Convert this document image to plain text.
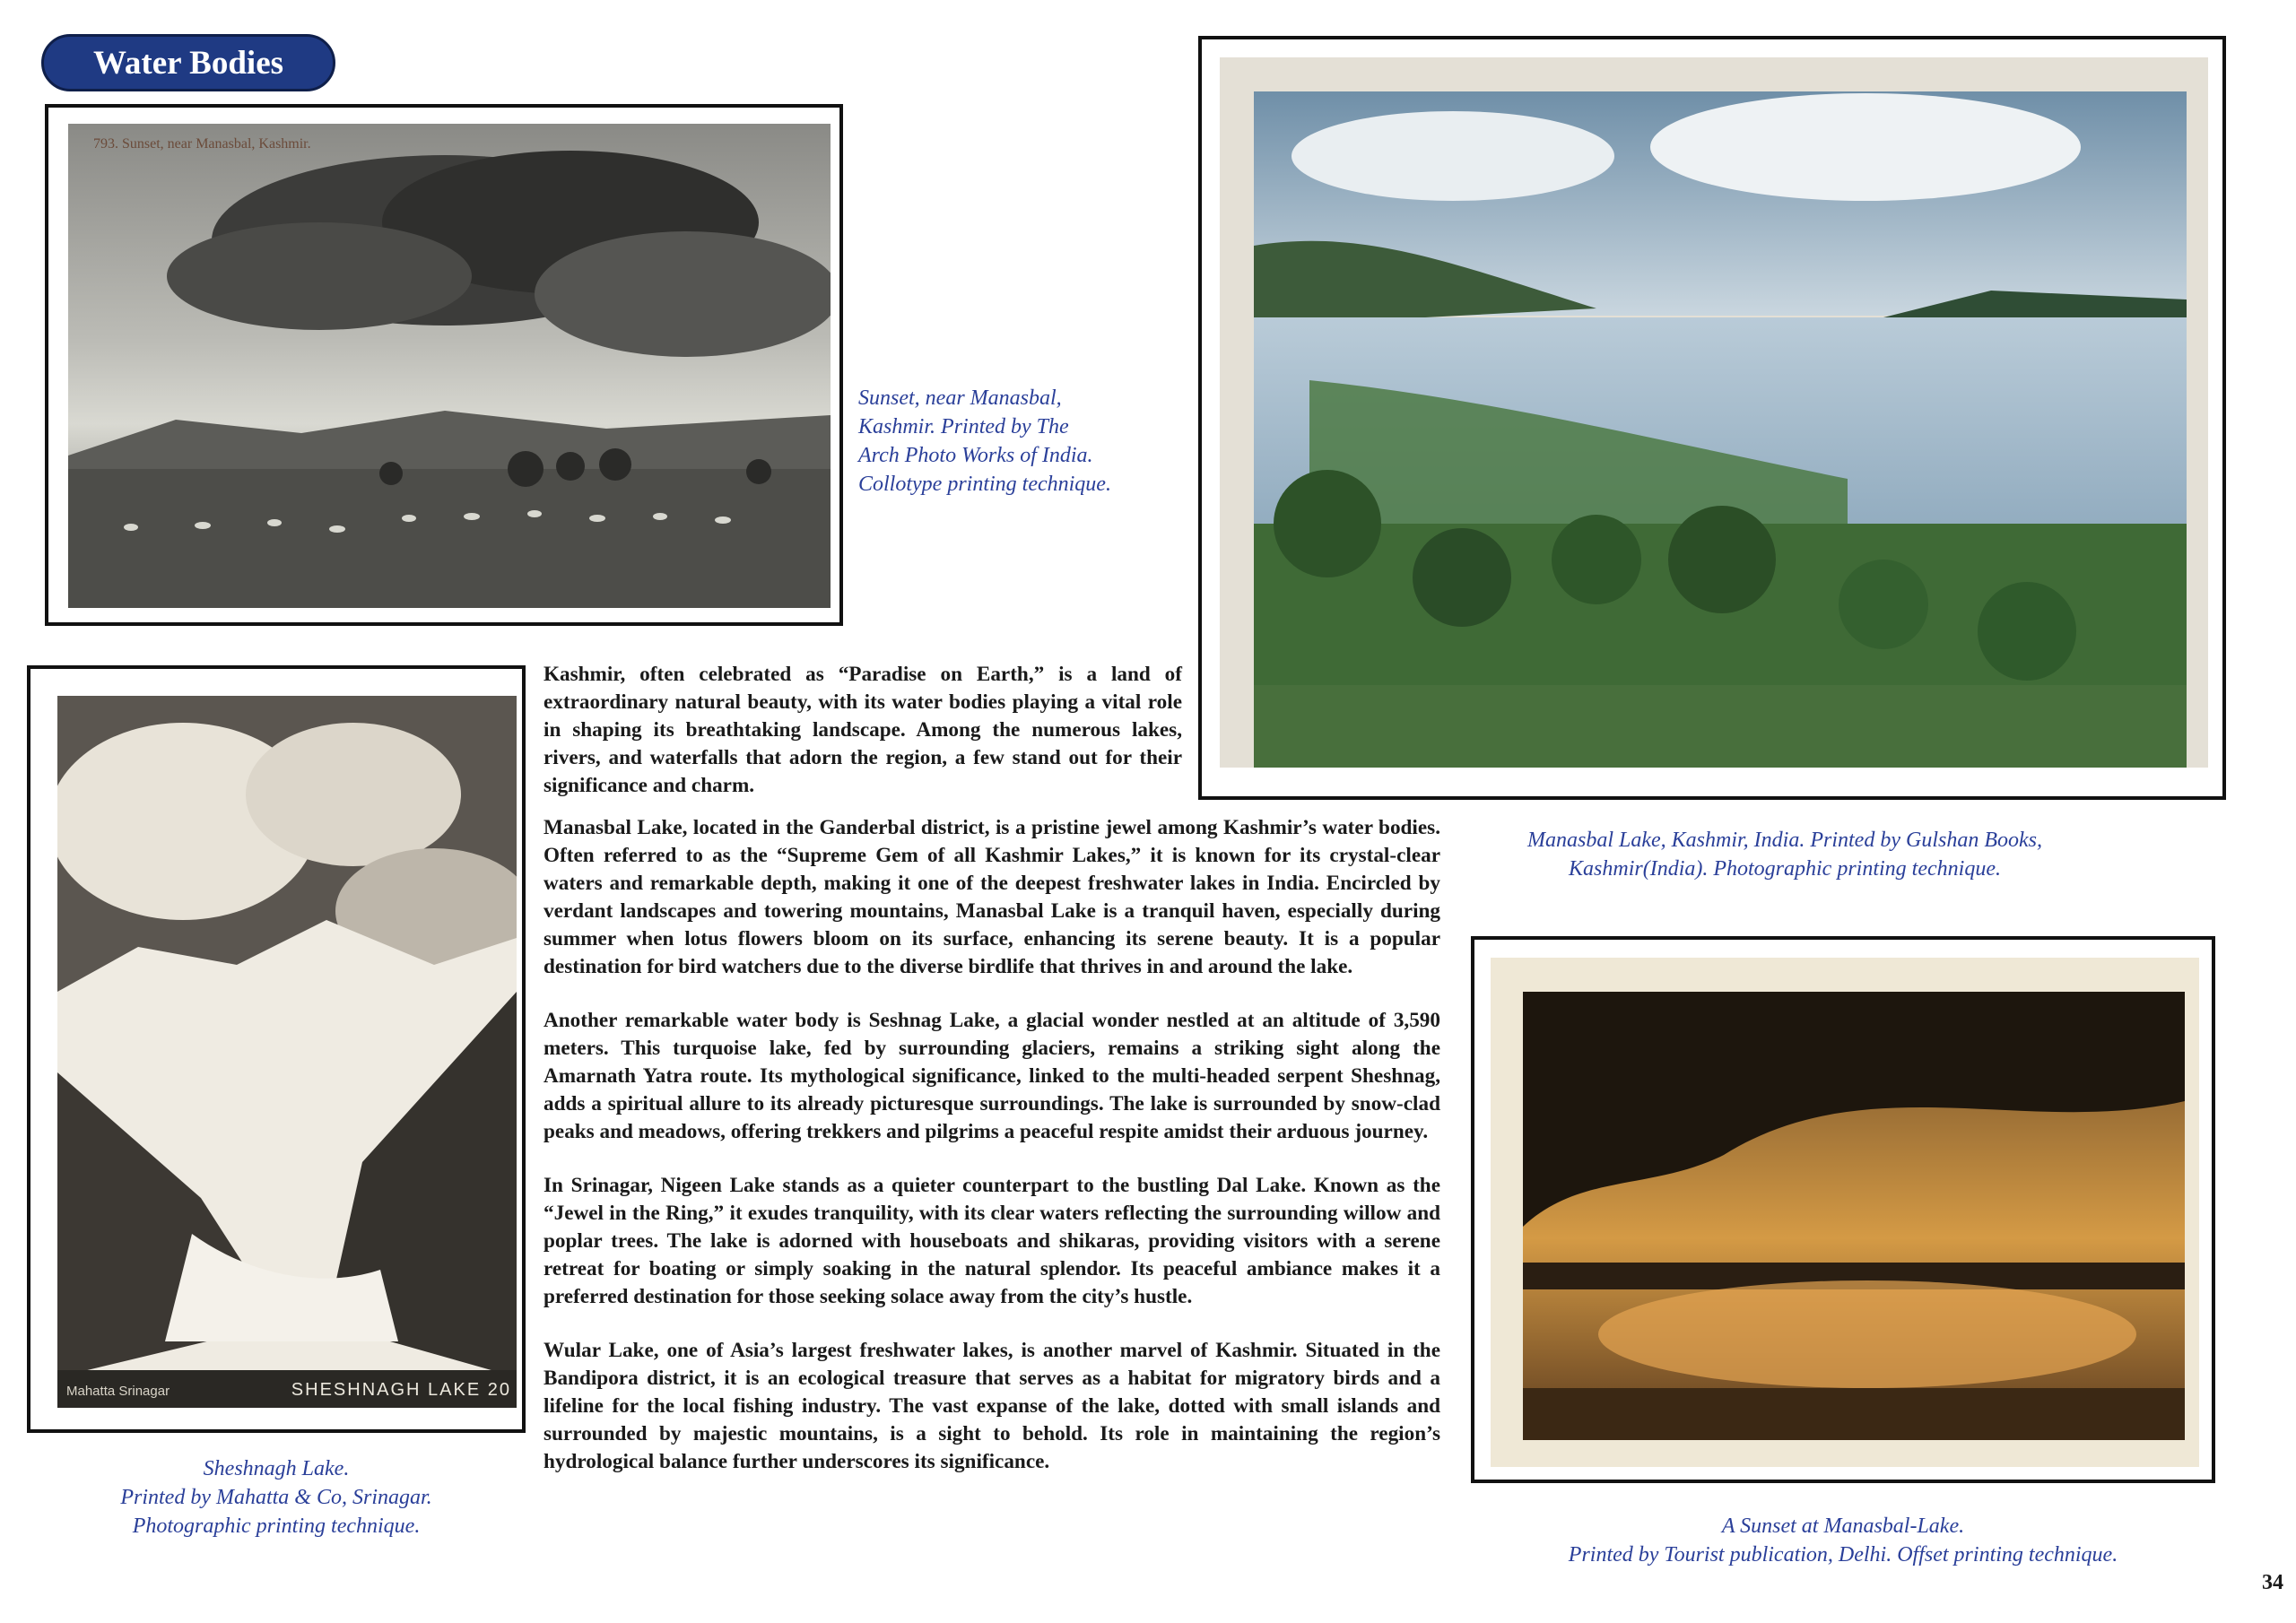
Water Bodies
793. Sunset, near Manasbal, Kashmir.
Sunset, near Manasbal,
Kashmir. Printed by The
Arch Photo Works of India.
Collotype printing technique.
Manasbal Lake, Kashmir, India. Printed by Gulshan Books,
Kashmir(India). Photographic printing technique.
Mahatta Srinagar	SHESHNAGH LAKE 20
Sheshnagh Lake.
Printed by Mahatta & Co, Srinagar.
Photographic printing technique.	A Sunset at Manasbal-Lake.
Printed by Tourist publication, Delhi. Offset printing technique.

Kashmir, often celebrated as “Paradise on Earth,” is a land of extraordinary natural beauty, with its water bodies playing a vital role in shaping its breathtaking landscape. Among the numerous lakes, rivers, and waterfalls that adorn the region, a few stand out for their significance and charm.

Manasbal Lake, located in the Ganderbal district, is a pristine jewel among Kashmir’s water bodies. Often referred to as the “Supreme Gem of all Kashmir Lakes,” it is known for its crystal-clear waters and remarkable depth, making it one of the deepest freshwater lakes in India. Encircled by verdant landscapes and towering mountains, Manasbal Lake is a tranquil haven, especially during summer when lotus flowers bloom on its surface, enhancing its serene beauty. It is a popular destination for bird watchers due to the diverse birdlife that thrives in and around the lake.

Another remarkable water body is Seshnag Lake, a glacial wonder nestled at an altitude of 3,590 meters. This turquoise lake, fed by surrounding glaciers, remains a striking sight along the Amarnath Yatra route. Its mythological significance, linked to the multi-headed serpent Sheshnag, adds a spiritual allure to its already picturesque surroundings. The lake is surrounded by snow-clad peaks and meadows, offering trekkers and pilgrims a peaceful respite amidst their arduous journey.

In Srinagar, Nigeen Lake stands as a quieter counterpart to the bustling Dal Lake. Known as the “Jewel in the Ring,” it exudes tranquility, with its clear waters reflecting the surrounding willow and poplar trees. The lake is adorned with houseboats and shikaras, providing visitors with a serene retreat for boating or simply soaking in the natural splendor. Its peaceful ambiance makes it a preferred destination for those seeking solace away from the city’s hustle.

Wular Lake, one of Asia’s largest freshwater lakes, is another marvel of Kashmir. Situated in the Bandipora district, it is an ecological treasure that serves as a habitat for migratory birds and a lifeline for the local fishing industry. The vast expanse of the lake, dotted with small islands and surrounded by majestic mountains, is a sight to behold. Its role in maintaining the region’s hydrological balance further underscores its significance.

34
